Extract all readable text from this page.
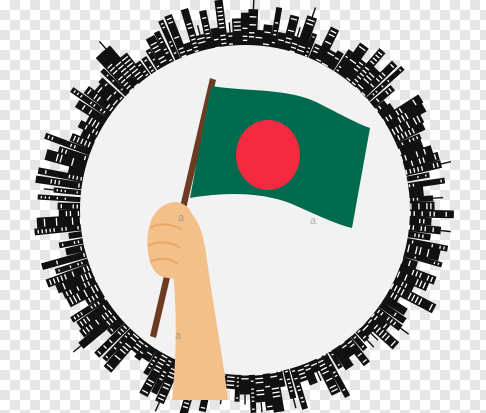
a	a
a
